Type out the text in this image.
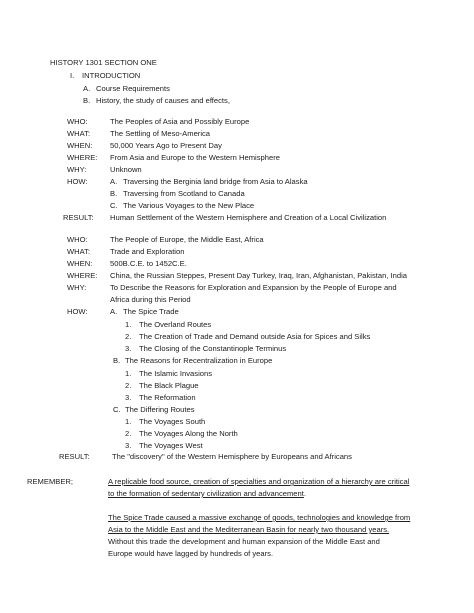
HISTORY 1301 SECTION ONE
I. INTRODUCTION
A. Course Requirements
B. History, the study of causes and effects,
WHO:	The Peoples of Asia and Possibly Europe
WHAT:	The Settling of Meso-America
WHEN: 50,000 Years Ago to Present Day
WHERE: From Asia and Europe to the Western Hemisphere
WHY:	Unknown
HOW:	A. Traversing the Berginia land bridge from Asia to Alaska
B. Traversing from Scotland to Canada
C. The Various Voyages to the New Place
RESULT: Human Settlement of the Western Hemisphere and Creation of a Local Civilization
WHO:	The People of Europe, the Middle East, Africa
WHAT:	Trade and Exploration
WHEN: 500B.C.E. to 1452C.E.
WHERE: China, the Russian Steppes, Present Day Turkey, Iraq, Iran, Afghanistan, Pakistan, India
WHY:	To Describe the Reasons for Exploration and Expansion by the People of Europe and
Africa during this Period
HOW:	A. The Spice Trade
1. The Overland Routes
2. The Creation of Trade and Demand outside Asia for Spices and Silks
3. The Closing of the Constantinople Terminus
B. The Reasons for Recentralization in Europe
1. The Islamic Invasions
2. The Black Plague
3. The Reformation
C. The Differing Routes
1. The Voyages South
2. The Voyages Along the North
3. The Voyages West
RESULT:	The "discovery" of the Western Hemisphere by Europeans and Africans
REMEMBER;	A replicable food source, creation of specialties and organization of a hierarchy are critical
to the formation of sedentary civilization and advancement.
The Spice Trade caused a massive exchange of goods, technologies and knowledge from
Asia to the Middle East and the Mediterranean Basin for nearly two thousand years.
Without this trade the development and human expansion of the Middle East and
Europe would have lagged by hundreds of years.
